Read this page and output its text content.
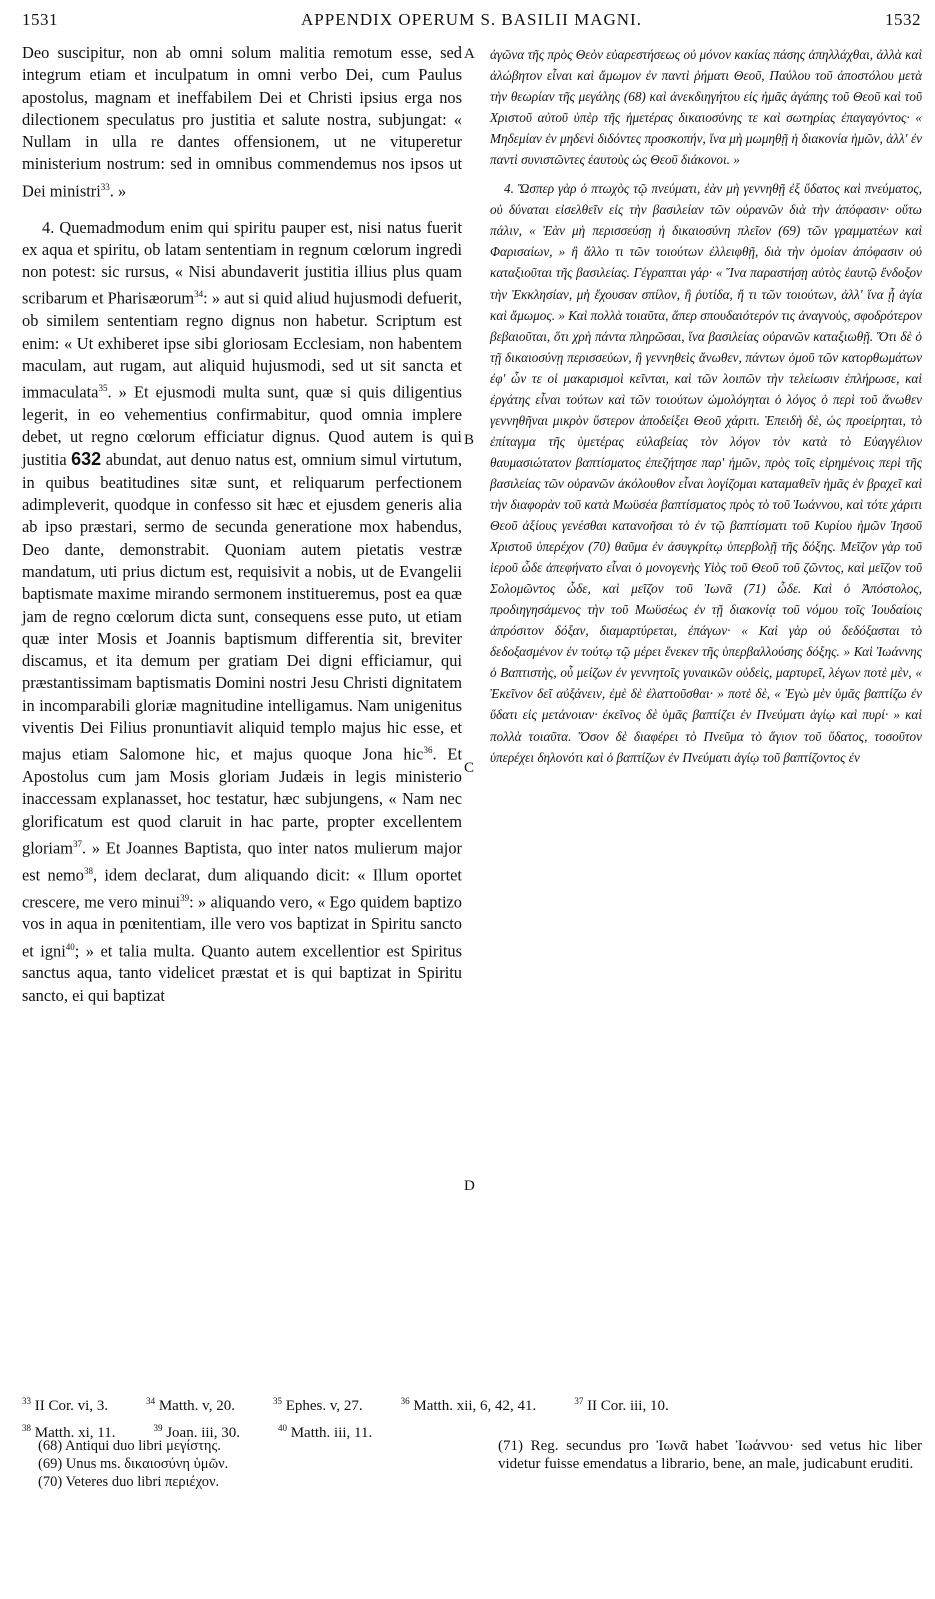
1531	APPENDIX OPERUM S. BASILII MAGNI.	1532

Deo suscipitur, non ab omni solum malitia remotum esse, sed integrum etiam et inculpatum in omni verbo Dei, cum Paulus apostolus, magnam et ineffabilem Dei et Christi ipsius erga nos dilectionem speculatus pro justitia et salute nostra, subjungat: « Nullam in ulla re dantes offensionem, ut ne vituperetur ministerium nostrum: sed in omnibus commendemus nos ipsos ut Dei ministri$^{33}$. »

4. Quemadmodum enim qui spiritu pauper est, nisi natus fuerit ex aqua et spiritu, ob latam sententiam in regnum cœlorum ingredi non potest: sic rursus, « Nisi abundaverit justitia illius plus quam scribarum et Pharisæorum$^{34}$: » aut si quid aliud hujusmodi defuerit, ob similem sententiam regno dignus non habetur. Scriptum est enim: « Ut exhiberet ipse sibi gloriosam Ecclesiam, non habentem maculam, aut rugam, aut aliquid hujusmodi, sed ut sit sancta et immaculata$^{35}$. » Et ejusmodi multa sunt, quæ si quis diligentius legerit, in eo vehementius confirmabitur, quod omnia implere debet, ut regno cœlorum efficiatur dignus. Quod autem is qui justitia 632 abundat, aut denuo natus est, omnium simul virtutum, in quibus beatitudines sitæ sunt, et reliquarum perfectionem adimpleverit, quodque in confesso sit hæc et ejusdem generis alia ab ipso præstari, sermo de secunda generatione mox habendus, Deo dante, demonstrabit. Quoniam autem pietatis vestræ mandatum, uti prius dictum est, requisivit a nobis, ut de Evangelii baptismate maxime mirando sermonem institueremus, post ea quæ jam de regno cœlorum dicta sunt, consequens esse puto, ut etiam quæ inter Mosis et Joannis baptismum differentia sit, breviter discamus, et ita demum per gratiam Dei digni efficiamur, qui præstantissimam baptismatis Domini nostri Jesu Christi dignitatem in incomparabili gloriæ magnitudine intelligamus. Nam unigenitus viventis Dei Filius pronuntiavit aliquid templo majus hic esse, et majus etiam Salomone hic, et majus quoque Jona hic$^{36}$. Et Apostolus cum jam Mosis gloriam Judæis in legis ministerio inaccessam explanasset, hoc testatur, hæc subjungens, « Nam nec glorificatum est quod claruit in hac parte, propter excellentem gloriam$^{37}$. » Et Joannes Baptista, quo inter natos mulierum major est nemo$^{38}$, idem declarat, dum aliquando dicit: « Illum oportet crescere, me vero minui$^{39}$: » aliquando vero, « Ego quidem baptizo vos in aqua in pœnitentiam, ille vero vos baptizat in Spiritu sancto et igni$^{40}$; » et talia multa. Quanto autem excellentior est Spiritus sanctus aqua, tanto videlicet præstat et is qui baptizat in Spiritu sancto, ei qui baptizat

A
B
C
D

ἀγῶνα τῆς πρὸς Θεὸν εὐαρεστήσεως οὐ μόνον κακίας πάσης ἀπηλλάχθαι, ἀλλὰ καὶ ἀλώβητον εἶναι καὶ ἄμωμον ἐν παντὶ ῥήματι Θεοῦ, Παύλου τοῦ ἀποστόλου μετὰ τὴν θεωρίαν τῆς μεγάλης (68) καὶ ἀνεκδιηγήτου εἰς ἡμᾶς ἀγάπης τοῦ Θεοῦ καὶ τοῦ Χριστοῦ αὐτοῦ ὑπὲρ τῆς ἡμετέρας δικαιοσύνης τε καὶ σωτηρίας ἐπαγαγόντος· « Μηδεμίαν ἐν μηδενὶ διδόντες προσκοπήν, ἵνα μὴ μωμηθῇ ἡ διακονία ἡμῶν, ἀλλ' ἐν παντὶ συνιστῶντες ἑαυτοὺς ὡς Θεοῦ διάκονοι. »

4. Ὥσπερ γὰρ ὁ πτωχὸς τῷ πνεύματι, ἐὰν μὴ γεννηθῇ ἐξ ὕδατος καὶ πνεύματος, οὐ δύναται εἰσελθεῖν εἰς τὴν βασιλείαν τῶν οὐρανῶν διὰ τὴν ἀπόφασιν· οὕτω πάλιν, « Ἐὰν μὴ περισσεύσῃ ἡ δικαιοσύνη πλεῖον (69) τῶν γραμματέων καὶ Φαρισαίων, » ἢ ἄλλο τι τῶν τοιούτων ἐλλειφθῇ, διὰ τὴν ὁμοίαν ἀπόφασιν οὐ καταξιοῦται τῆς βασιλείας. Γέγραπται γάρ· « Ἵνα παραστήσῃ αὐτὸς ἑαυτῷ ἔνδοξον τὴν Ἐκκλησίαν, μὴ ἔχουσαν σπίλον, ἢ ῥυτίδα, ἤ τι τῶν τοιούτων, ἀλλ' ἵνα ᾖ ἁγία καὶ ἄμωμος. » Καὶ πολλὰ τοιαῦτα, ἅπερ σπουδαιότερόν τις ἀναγνοὺς, σφοδρότερον βεβαιοῦται, ὅτι χρὴ πάντα πληρῶσαι, ἵνα βασιλείας οὐρανῶν καταξιωθῇ. Ὅτι δὲ ὁ τῇ δικαιοσύνῃ περισσεύων, ἢ γεννηθεὶς ἄνωθεν, πάντων ὁμοῦ τῶν κατορθωμάτων ἐφ' ὧν τε οἱ μακαρισμοὶ κεῖνται, καὶ τῶν λοιπῶν τὴν τελείωσιν ἐπλήρωσε, καὶ ἐργάτης εἶναι τούτων καὶ τῶν τοιούτων ὡμολόγηται ὁ λόγος ὁ περὶ τοῦ ἄνωθεν γεννηθῆναι μικρὸν ὕστερον ἀποδείξει Θεοῦ χάριτι. Ἐπειδὴ δὲ, ὡς προείρηται, τὸ ἐπίταγμα τῆς ὑμετέρας εὐλαβείας τὸν λόγον τὸν κατὰ τὸ Εὐαγγέλιον θαυμασιώτατον βαπτίσματος ἐπεζήτησε παρ' ἡμῶν, πρὸς τοῖς εἰρημένοις περὶ τῆς βασιλείας τῶν οὐρανῶν ἀκόλουθον εἶναι λογίζομαι καταμαθεῖν ἡμᾶς ἐν βραχεῖ καὶ τὴν διαφορὰν τοῦ κατὰ Μωϋσέα βαπτίσματος πρὸς τὸ τοῦ Ἰωάννου, καὶ τότε χάριτι Θεοῦ ἀξίους γενέσθαι κατανοῆσαι τὸ ἐν τῷ βαπτίσματι τοῦ Κυρίου ἡμῶν Ἰησοῦ Χριστοῦ ὑπερέχον (70) θαῦμα ἐν ἀσυγκρίτῳ ὑπερβολῇ τῆς δόξης. Μεῖζον γὰρ τοῦ ἱεροῦ ὧδε ἀπεφήνατο εἶναι ὁ μονογενὴς Υἱὸς τοῦ Θεοῦ τοῦ ζῶντος, καὶ μεῖζον τοῦ Σολομῶντος ὧδε, καὶ μεῖζον τοῦ Ἰωνᾶ (71) ὧδε. Καὶ ὁ Ἀπόστολος, προδιηγησάμενος τὴν τοῦ Μωϋσέως ἐν τῇ διακονίᾳ τοῦ νόμου τοῖς Ἰουδαίοις ἀπρόσιτον δόξαν, διαμαρτύρεται, ἐπάγων· « Καὶ γὰρ οὐ δεδόξασται τὸ δεδοξασμένον ἐν τούτῳ τῷ μέρει ἕνεκεν τῆς ὑπερβαλλούσης δόξης. » Καὶ Ἰωάννης ὁ Βαπτιστὴς, οὗ μείζων ἐν γεννητοῖς γυναικῶν οὐδεὶς, μαρτυρεῖ, λέγων ποτὲ μὲν, « Ἐκεῖνον δεῖ αὐξάνειν, ἐμὲ δὲ ἐλαττοῦσθαι· » ποτὲ δὲ, « Ἐγὼ μὲν ὑμᾶς βαπτίζω ἐν ὕδατι εἰς μετάνοιαν· ἐκεῖνος δὲ ὑμᾶς βαπτίζει ἐν Πνεύματι ἁγίῳ καὶ πυρί· » καὶ πολλὰ τοιαῦτα. Ὅσον δὲ διαφέρει τὸ Πνεῦμα τὸ ἅγιον τοῦ ὕδατος, τοσοῦτον ὑπερέχει δηλονότι καὶ ὁ βαπτίζων ἐν Πνεύματι ἁγίῳ τοῦ βαπτίζοντος ἐν

$^{33}$ II Cor. vi, 3.	$^{34}$ Matth. v, 20.	$^{35}$ Ephes. v, 27.	$^{36}$ Matth. xii, 6, 42, 41.	$^{37}$ II Cor. iii, 10.
$^{38}$ Matth. xi, 11.	$^{39}$ Joan. iii, 30.	$^{40}$ Matth. iii, 11.

(68) Antiqui duo libri μεγίστης.

(69) Unus ms. δικαιοσύνη ὑμῶν.

(70) Veteres duo libri περιέχον.

(71) Reg. secundus pro Ἰωνᾶ habet Ἰωάννου· sed vetus hic liber videtur fuisse emendatus a librario, bene, an male, judicabunt eruditi.
